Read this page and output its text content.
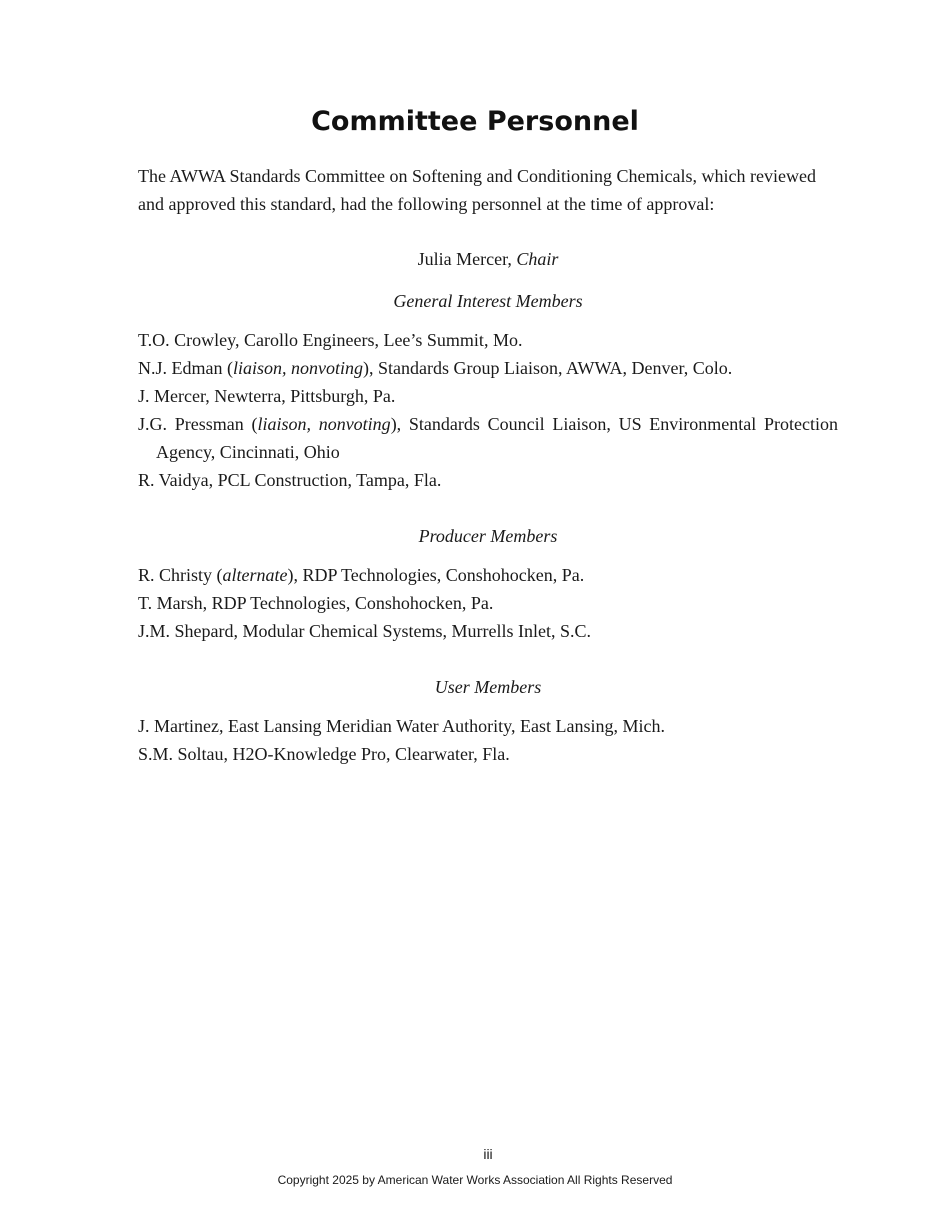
Committee Personnel

The AWWA Standards Committee on Softening and Conditioning Chemicals, which reviewed and approved this standard, had the following personnel at the time of approval:

Julia Mercer, Chair

General Interest Members

T.O. Crowley, Carollo Engineers, Lee’s Summit, Mo.
N.J. Edman (liaison, nonvoting), Standards Group Liaison, AWWA, Denver, Colo.
J. Mercer, Newterra, Pittsburgh, Pa.
J.G. Pressman (liaison, nonvoting), Standards Council Liaison, US Environmental Protection Agency, Cincinnati, Ohio
R. Vaidya, PCL Construction, Tampa, Fla.

Producer Members

R. Christy (alternate), RDP Technologies, Conshohocken, Pa.
T. Marsh, RDP Technologies, Conshohocken, Pa.
J.M. Shepard, Modular Chemical Systems, Murrells Inlet, S.C.

User Members

J. Martinez, East Lansing Meridian Water Authority, East Lansing, Mich.
S.M. Soltau, H2O-Knowledge Pro, Clearwater, Fla.

iii

Copyright 2025 by American Water Works Association All Rights Reserved
